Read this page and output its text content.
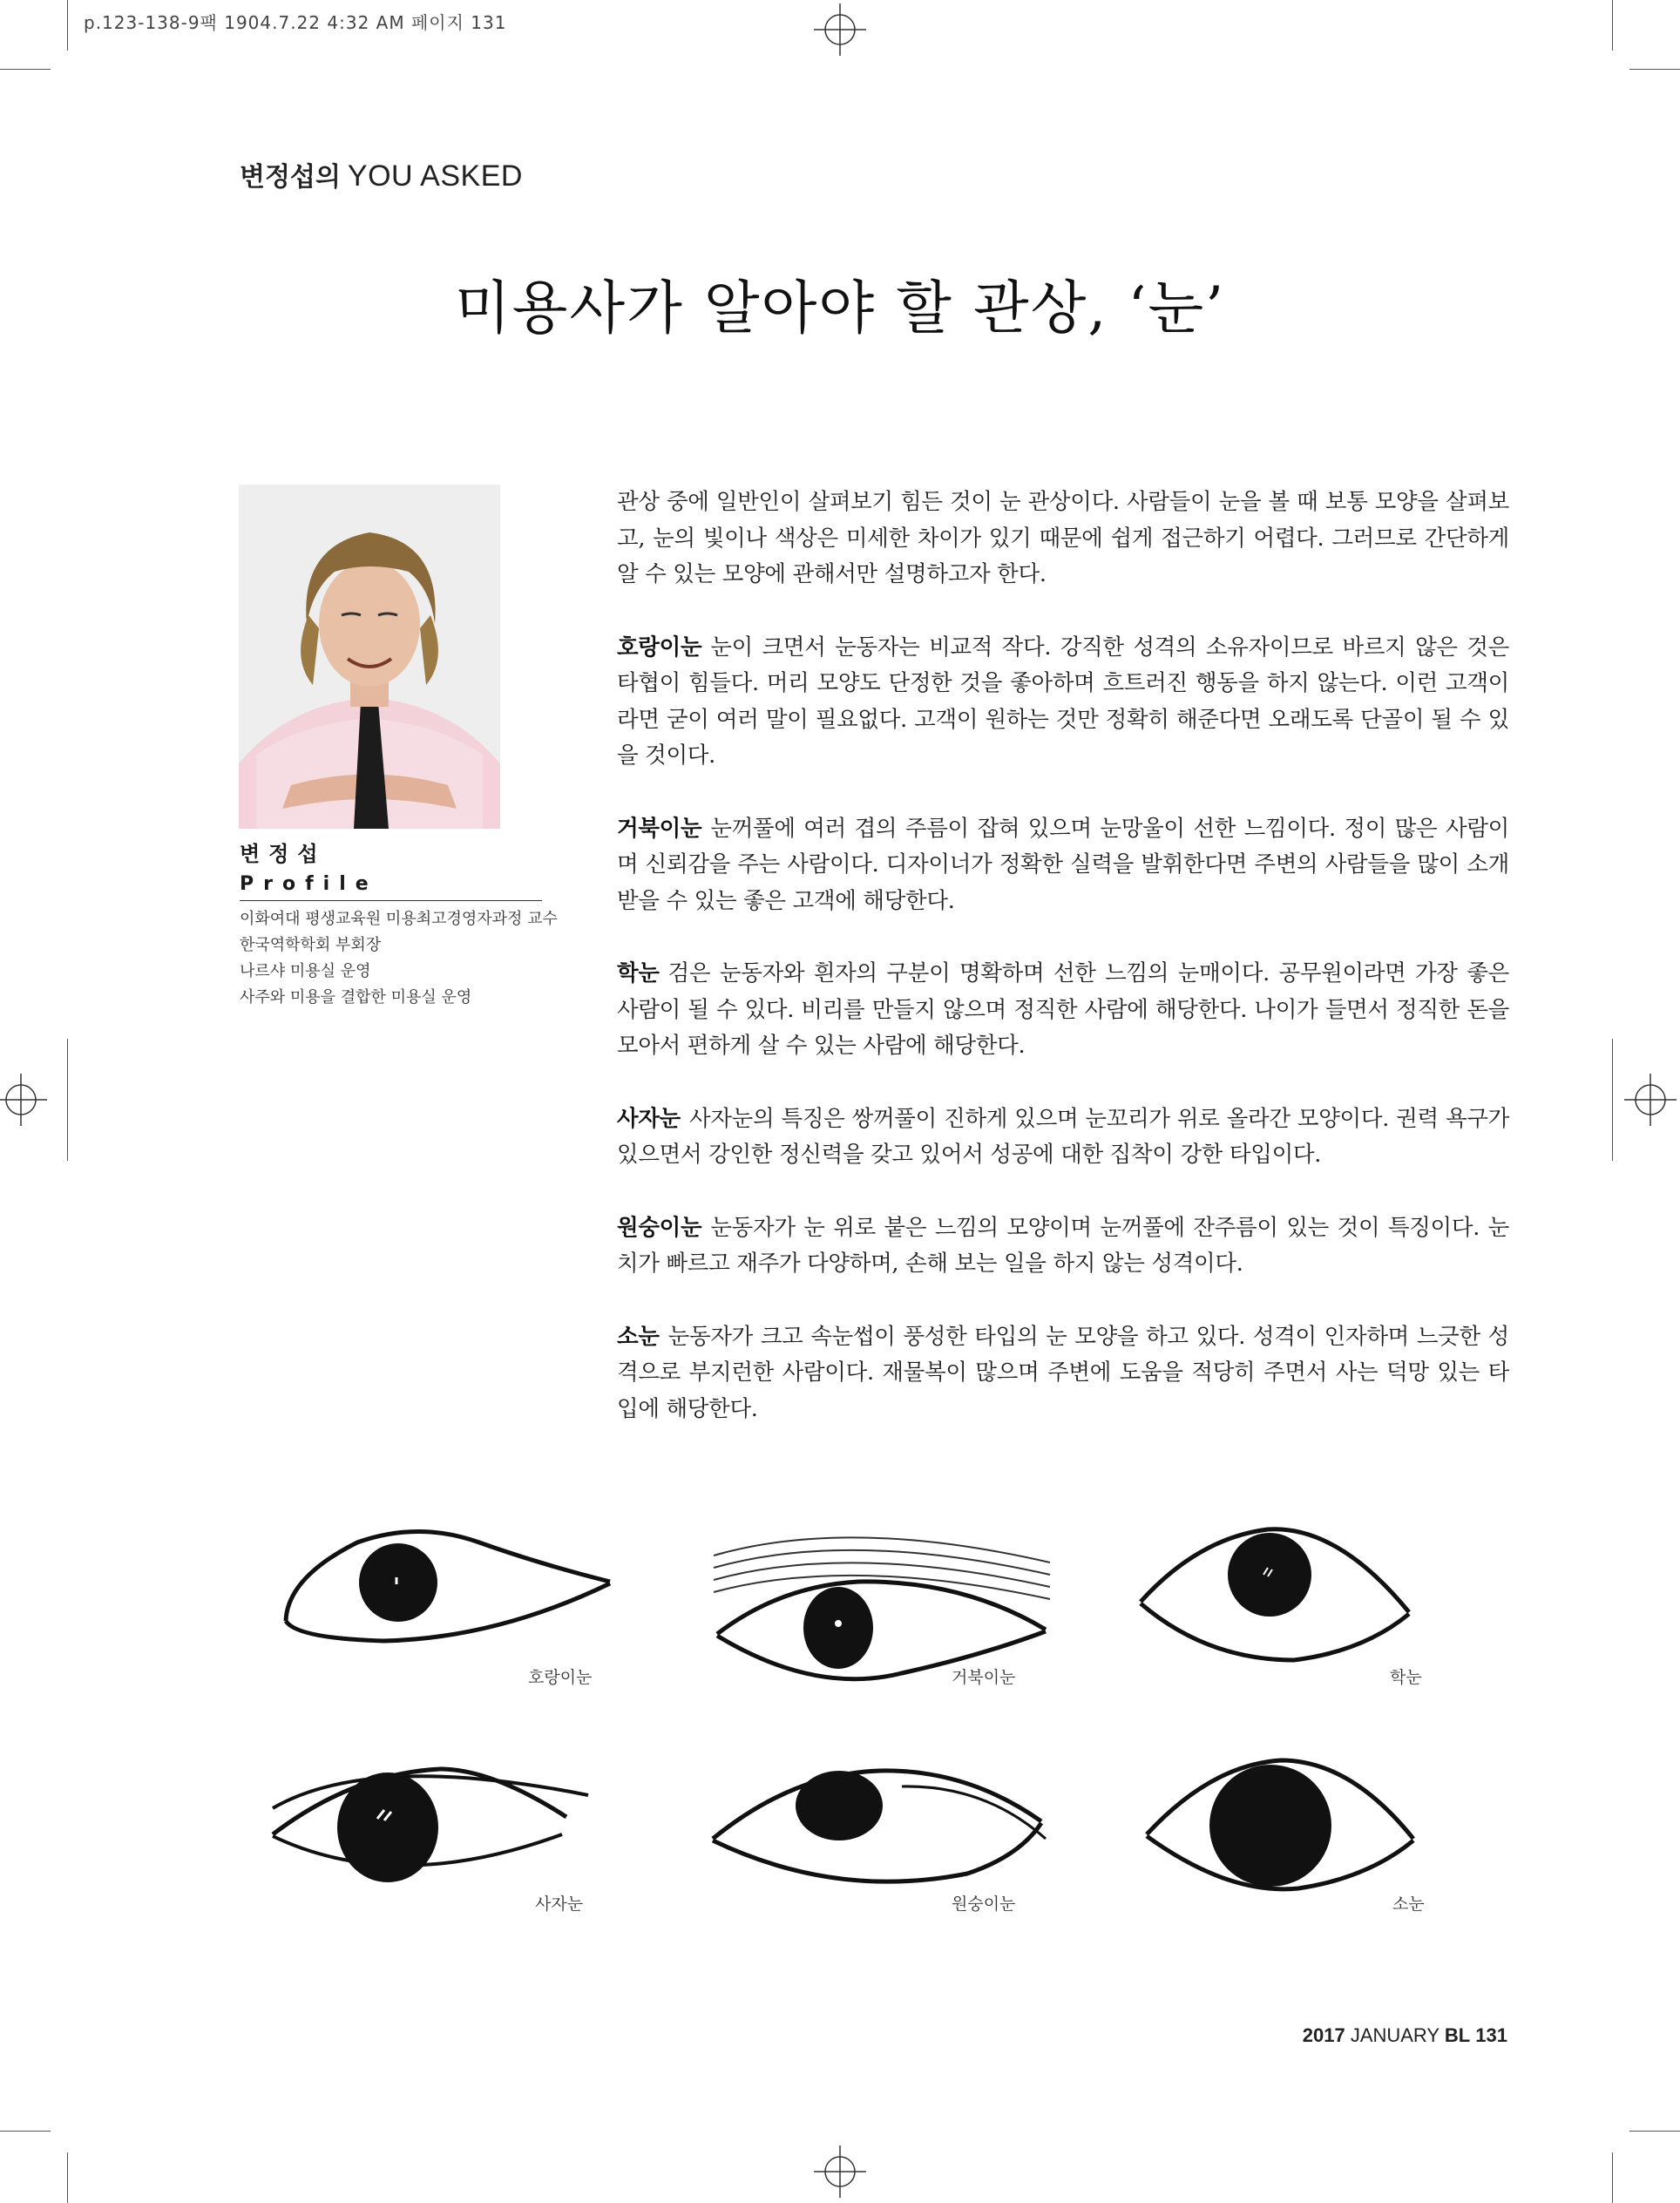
p.123-138-9팩 1904.7.22 4:32 AM 페이지 131
변정섭의 YOU ASKED
미용사가 알아야 할 관상, ‘눈’
변정섭
Profile
이화여대 평생교육원 미용최고경영자과정 교수
한국역학학회 부회장
나르샤 미용실 운영
사주와 미용을 결합한 미용실 운영

관상 중에 일반인이 살펴보기 힘든 것이 눈 관상이다. 사람들이 눈을 볼 때 보통 모양을 살펴보고, 눈의 빛이나 색상은 미세한 차이가 있기 때문에 쉽게 접근하기 어렵다. 그러므로 간단하게 알 수 있는 모양에 관해서만 설명하고자 한다.

호랑이눈 눈이 크면서 눈동자는 비교적 작다. 강직한 성격의 소유자이므로 바르지 않은 것은 타협이 힘들다. 머리 모양도 단정한 것을 좋아하며 흐트러진 행동을 하지 않는다. 이런 고객이라면 굳이 여러 말이 필요없다. 고객이 원하는 것만 정확히 해준다면 오래도록 단골이 될 수 있을 것이다.

거북이눈 눈꺼풀에 여러 겹의 주름이 잡혀 있으며 눈망울이 선한 느낌이다. 정이 많은 사람이며 신뢰감을 주는 사람이다. 디자이너가 정확한 실력을 발휘한다면 주변의 사람들을 많이 소개받을 수 있는 좋은 고객에 해당한다.

학눈 검은 눈동자와 흰자의 구분이 명확하며 선한 느낌의 눈매이다. 공무원이라면 가장 좋은 사람이 될 수 있다. 비리를 만들지 않으며 정직한 사람에 해당한다. 나이가 들면서 정직한 돈을 모아서 편하게 살 수 있는 사람에 해당한다.

사자눈 사자눈의 특징은 쌍꺼풀이 진하게 있으며 눈꼬리가 위로 올라간 모양이다. 권력 욕구가 있으면서 강인한 정신력을 갖고 있어서 성공에 대한 집착이 강한 타입이다.

원숭이눈 눈동자가 눈 위로 붙은 느낌의 모양이며 눈꺼풀에 잔주름이 있는 것이 특징이다. 눈치가 빠르고 재주가 다양하며, 손해 보는 일을 하지 않는 성격이다.

소눈 눈동자가 크고 속눈썹이 풍성한 타입의 눈 모양을 하고 있다. 성격이 인자하며 느긋한 성격으로 부지런한 사람이다. 재물복이 많으며 주변에 도움을 적당히 주면서 사는 덕망 있는 타입에 해당한다.

호랑이눈	거북이눈	학눈
사자눈	원숭이눈	소눈
2017 JANUARY BL 131
